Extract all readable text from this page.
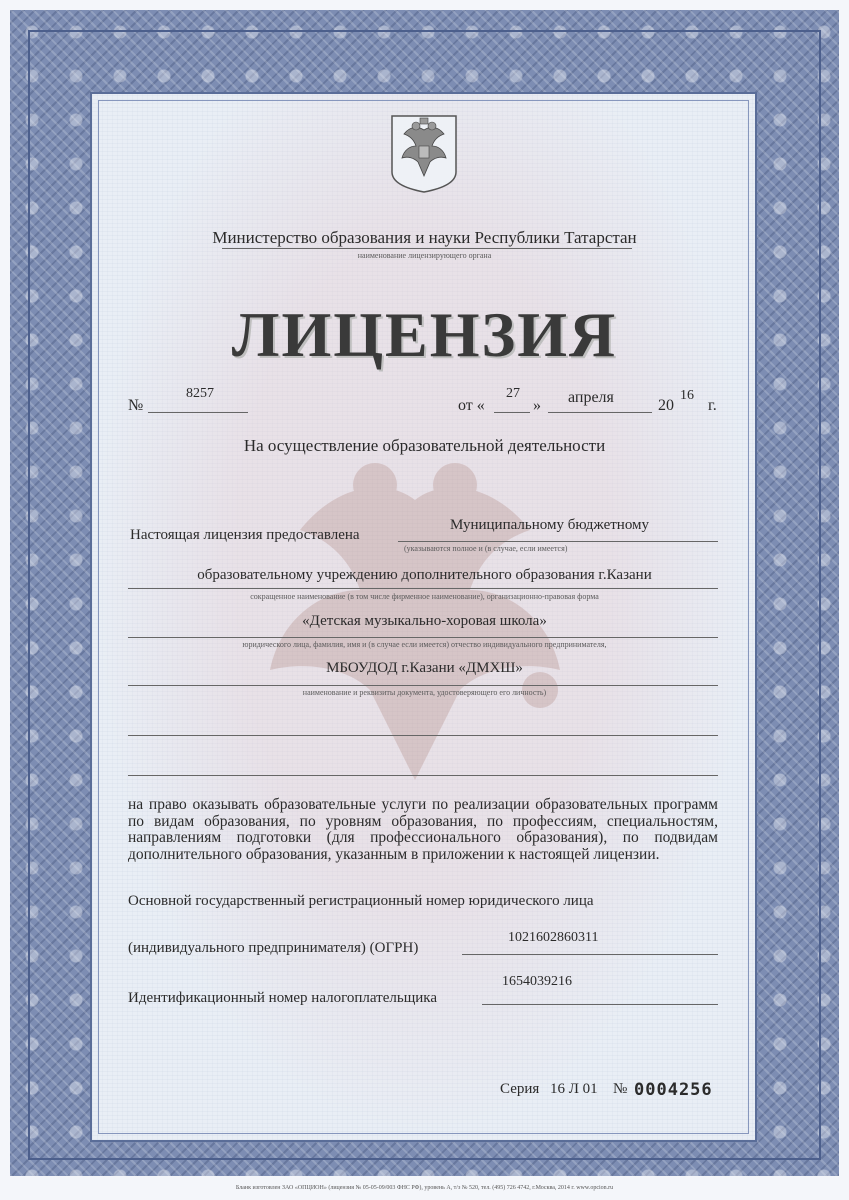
Министерство образования и науки Республики Татарстан
наименование лицензирующего органа
ЛИЦЕНЗИЯ
№
8257
от «
27
» апреля	20
16
г.
На осуществление образовательной деятельности
Настоящая лицензия предоставлена
Муниципальному бюджетному
(указываются полное и (в случае, если имеется)
образовательному учреждению дополнительного образования г.Казани
сокращенное наименование (в том числе фирменное наименование), организационно-правовая форма
«Детская музыкально-хоровая школа»
юридического лица, фамилия, имя и (в случае если имеется) отчество индивидуального предпринимателя,
МБОУДОД г.Казани «ДМХШ»
наименование и реквизиты документа, удостоверяющего его личность)
на право оказывать образовательные услуги по реализации образовательных программ по видам образования, по уровням образования, по профессиям, специальностям, направлениям подготовки (для профессионального образования), по подвидам дополнительного образования, указанным в приложении к настоящей лицензии.
Основной государственный регистрационный номер юридического лица
(индивидуального предпринимателя) (ОГРН)
1021602860311
Идентификационный номер налогоплательщика
1654039216
Серия 16 Л 01 № 0004256
Бланк изготовлен ЗАО «ОПЦИОН» (лицензия № 05-05-09/003 ФНС РФ), уровень А, т/з № 520, тел. (495) 726 4742, г.Москва, 2014 г. www.opcion.ru
